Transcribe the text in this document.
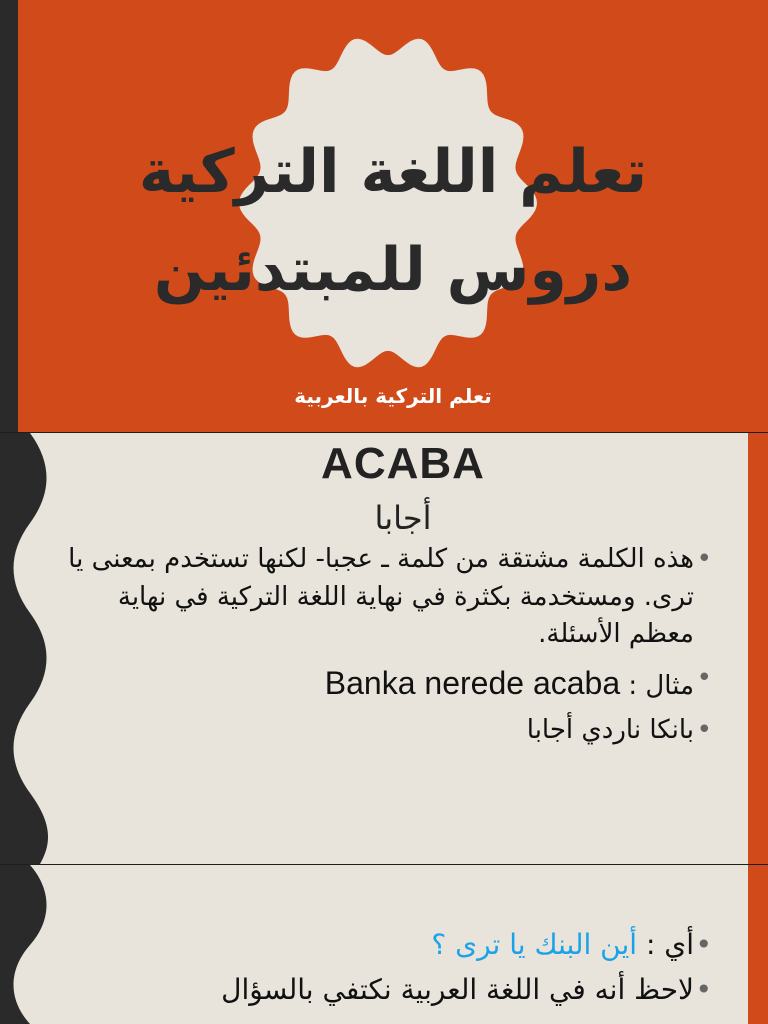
تعلم اللغة التركية
دروس للمبتدئين
تعلم التركية بالعربية
ACABA
أجابا
• هذه الكلمة مشتقة من كلمة ـ عجبا- لكنها تستخدم بمعنى يا ترى. ومستخدمة بكثرة في نهاية اللغة التركية في نهاية معظم الأسئلة.
• مثال : Banka nerede acaba
• بانكا ناردي أجابا
• أي : أين البنك يا ترى ؟
• لاحظ أنه في اللغة العربية نكتفي بالسؤال
